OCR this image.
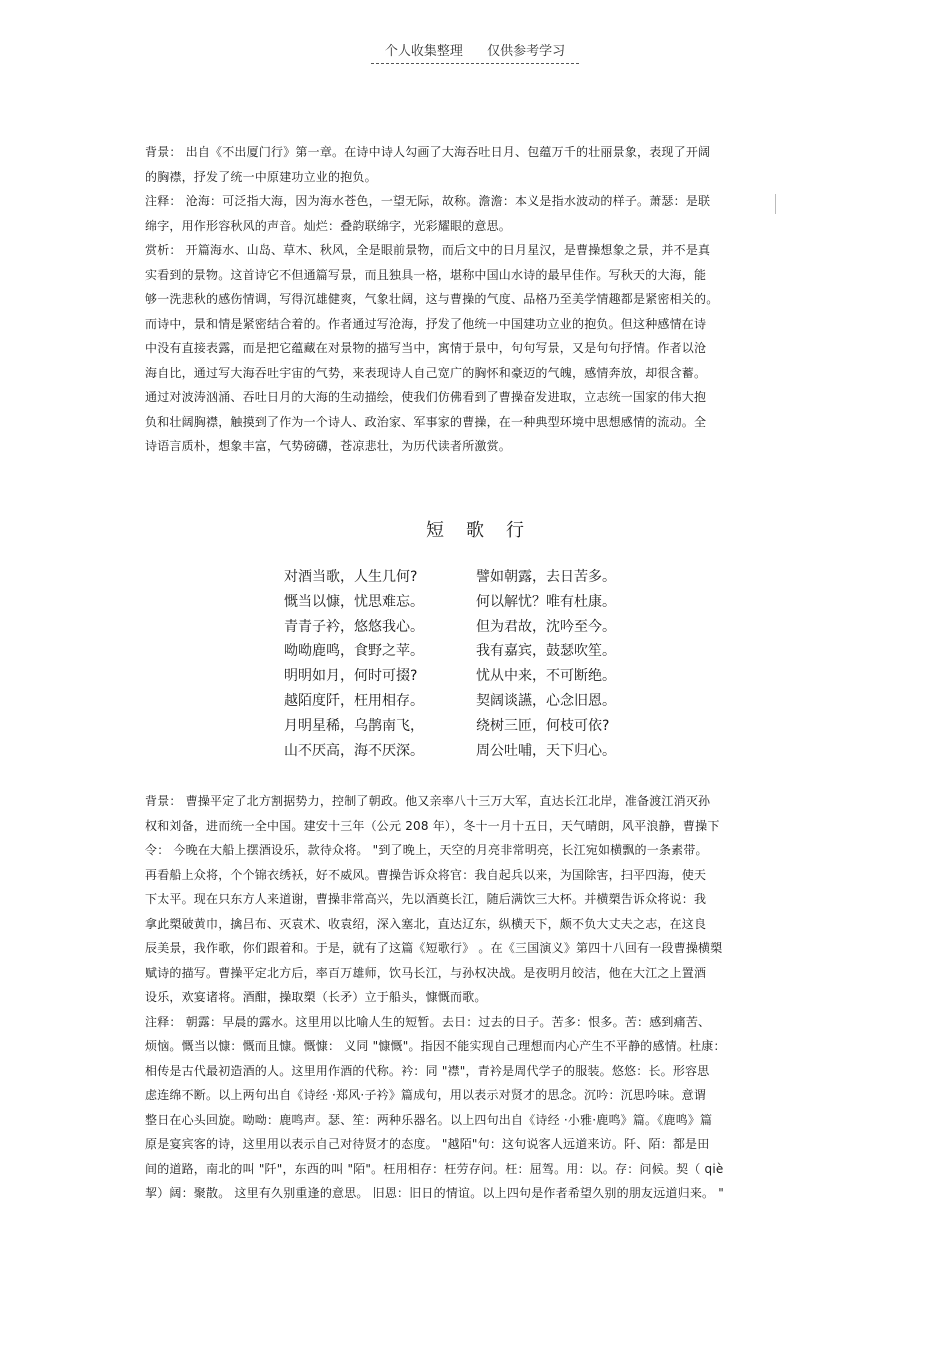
个人收集整理 仅供参考学习
背景： 出自《不出厦门行》第一章。在诗中诗人勾画了大海吞吐日月、包蕴万千的壮丽景象，表现了开阔
的胸襟，抒发了统一中原建功立业的抱负。
注释： 沧海：可泛指大海，因为海水苍色，一望无际，故称。澹澹：本义是指水波动的样子。萧瑟：是联
绵字，用作形容秋风的声音。灿烂：叠韵联绵字，光彩耀眼的意思。
赏析： 开篇海水、山岛、草木、秋风，全是眼前景物，而后文中的日月星汉，是曹操想象之景，并不是真
实看到的景物。这首诗它不但通篇写景，而且独具一格，堪称中国山水诗的最早佳作。写秋天的大海，能
够一洗悲秋的感伤情调，写得沉雄健爽，气象壮阔，这与曹操的气度、品格乃至美学情趣都是紧密相关的。
而诗中，景和情是紧密结合着的。作者通过写沧海，抒发了他统一中国建功立业的抱负。但这种感情在诗
中没有直接表露，而是把它蕴藏在对景物的描写当中，寓情于景中，句句写景，又是句句抒情。作者以沧
海自比，通过写大海吞吐宇宙的气势，来表现诗人自己宽广的胸怀和豪迈的气魄，感情奔放，却很含蓄。
通过对波涛汹涌、吞吐日月的大海的生动描绘，使我们仿佛看到了曹操奋发进取，立志统一国家的伟大抱
负和壮阔胸襟，触摸到了作为一个诗人、政治家、军事家的曹操，在一种典型环境中思想感情的流动。全
诗语言质朴，想象丰富，气势磅礴，苍凉悲壮，为历代读者所激赏。
短歌行
对酒当歌，人生几何?
慨当以慷，忧思难忘。
青青子衿，悠悠我心。
呦呦鹿鸣，食野之苹。
明明如月，何时可掇?
越陌度阡，枉用相存。
月明星稀，乌鹊南飞，
山不厌高，海不厌深。
譬如朝露，去日苦多。
何以解忧？唯有杜康。
但为君故，沈吟至今。
我有嘉宾，鼓瑟吹笙。
忧从中来，不可断绝。
契阔谈讌，心念旧恩。
绕树三匝，何枝可依?
周公吐哺，天下归心。
背景： 曹操平定了北方割据势力，控制了朝政。他又亲率八十三万大军，直达长江北岸，准备渡江消灭孙
权和刘备，进而统一全中国。建安十三年（公元 208 年），冬十一月十五日，天气晴朗，风平浪静，曹操下
令： 今晚在大船上摆酒设乐，款待众将。 "到了晚上，天空的月亮非常明亮，长江宛如横飘的一条素带。
再看船上众将，个个锦衣绣袄，好不威风。曹操告诉众将官：我自起兵以来，为国除害，扫平四海，使天
下太平。现在只东方人来道谢，曹操非常高兴，先以酒奠长江，随后满饮三大杯。并横槊告诉众将说：我
拿此槊破黄巾，擒吕布、灭袁术、收袁绍，深入塞北，直达辽东，纵横天下，颇不负大丈夫之志，在这良
辰美景，我作歌，你们跟着和。于是，就有了这篇《短歌行》 。在《三国演义》第四十八回有一段曹操横槊
赋诗的描写。曹操平定北方后，率百万雄师，饮马长江，与孙权决战。是夜明月皎洁，他在大江之上置酒
设乐，欢宴诸将。酒酣，操取槊（长矛）立于船头，慷慨而歌。
注释： 朝露：早晨的露水。这里用以比喻人生的短暂。去日：过去的日子。苦多：恨多。苦：感到痛苦、
烦恼。慨当以慷：慨而且慷。慨慷： 义同 "慷慨"。指因不能实现自己理想而内心产生不平静的感情。杜康：
相传是古代最初造酒的人。这里用作酒的代称。衿：同 "襟"，青衿是周代学子的服装。悠悠：长。形容思
虑连绵不断。以上两句出自《诗经 ·郑风·子衿》篇成句，用以表示对贤才的思念。沉吟：沉思吟味。意谓
整日在心头回旋。呦呦：鹿鸣声。瑟、笙：两种乐器名。以上四句出自《诗经 ·小雅·鹿鸣》篇。《鹿鸣》篇
原是宴宾客的诗，这里用以表示自己对待贤才的态度。 "越陌"句：这句说客人远道来访。阡、陌：都是田
间的道路，南北的叫 "阡"，东西的叫 "陌"。枉用相存：枉劳存问。枉：屈驾。用：以。存：问候。契（ qiè
挈）阔：聚散。 这里有久别重逢的意思。 旧恩：旧日的情谊。以上四句是作者希望久别的朋友远道归来。 "
